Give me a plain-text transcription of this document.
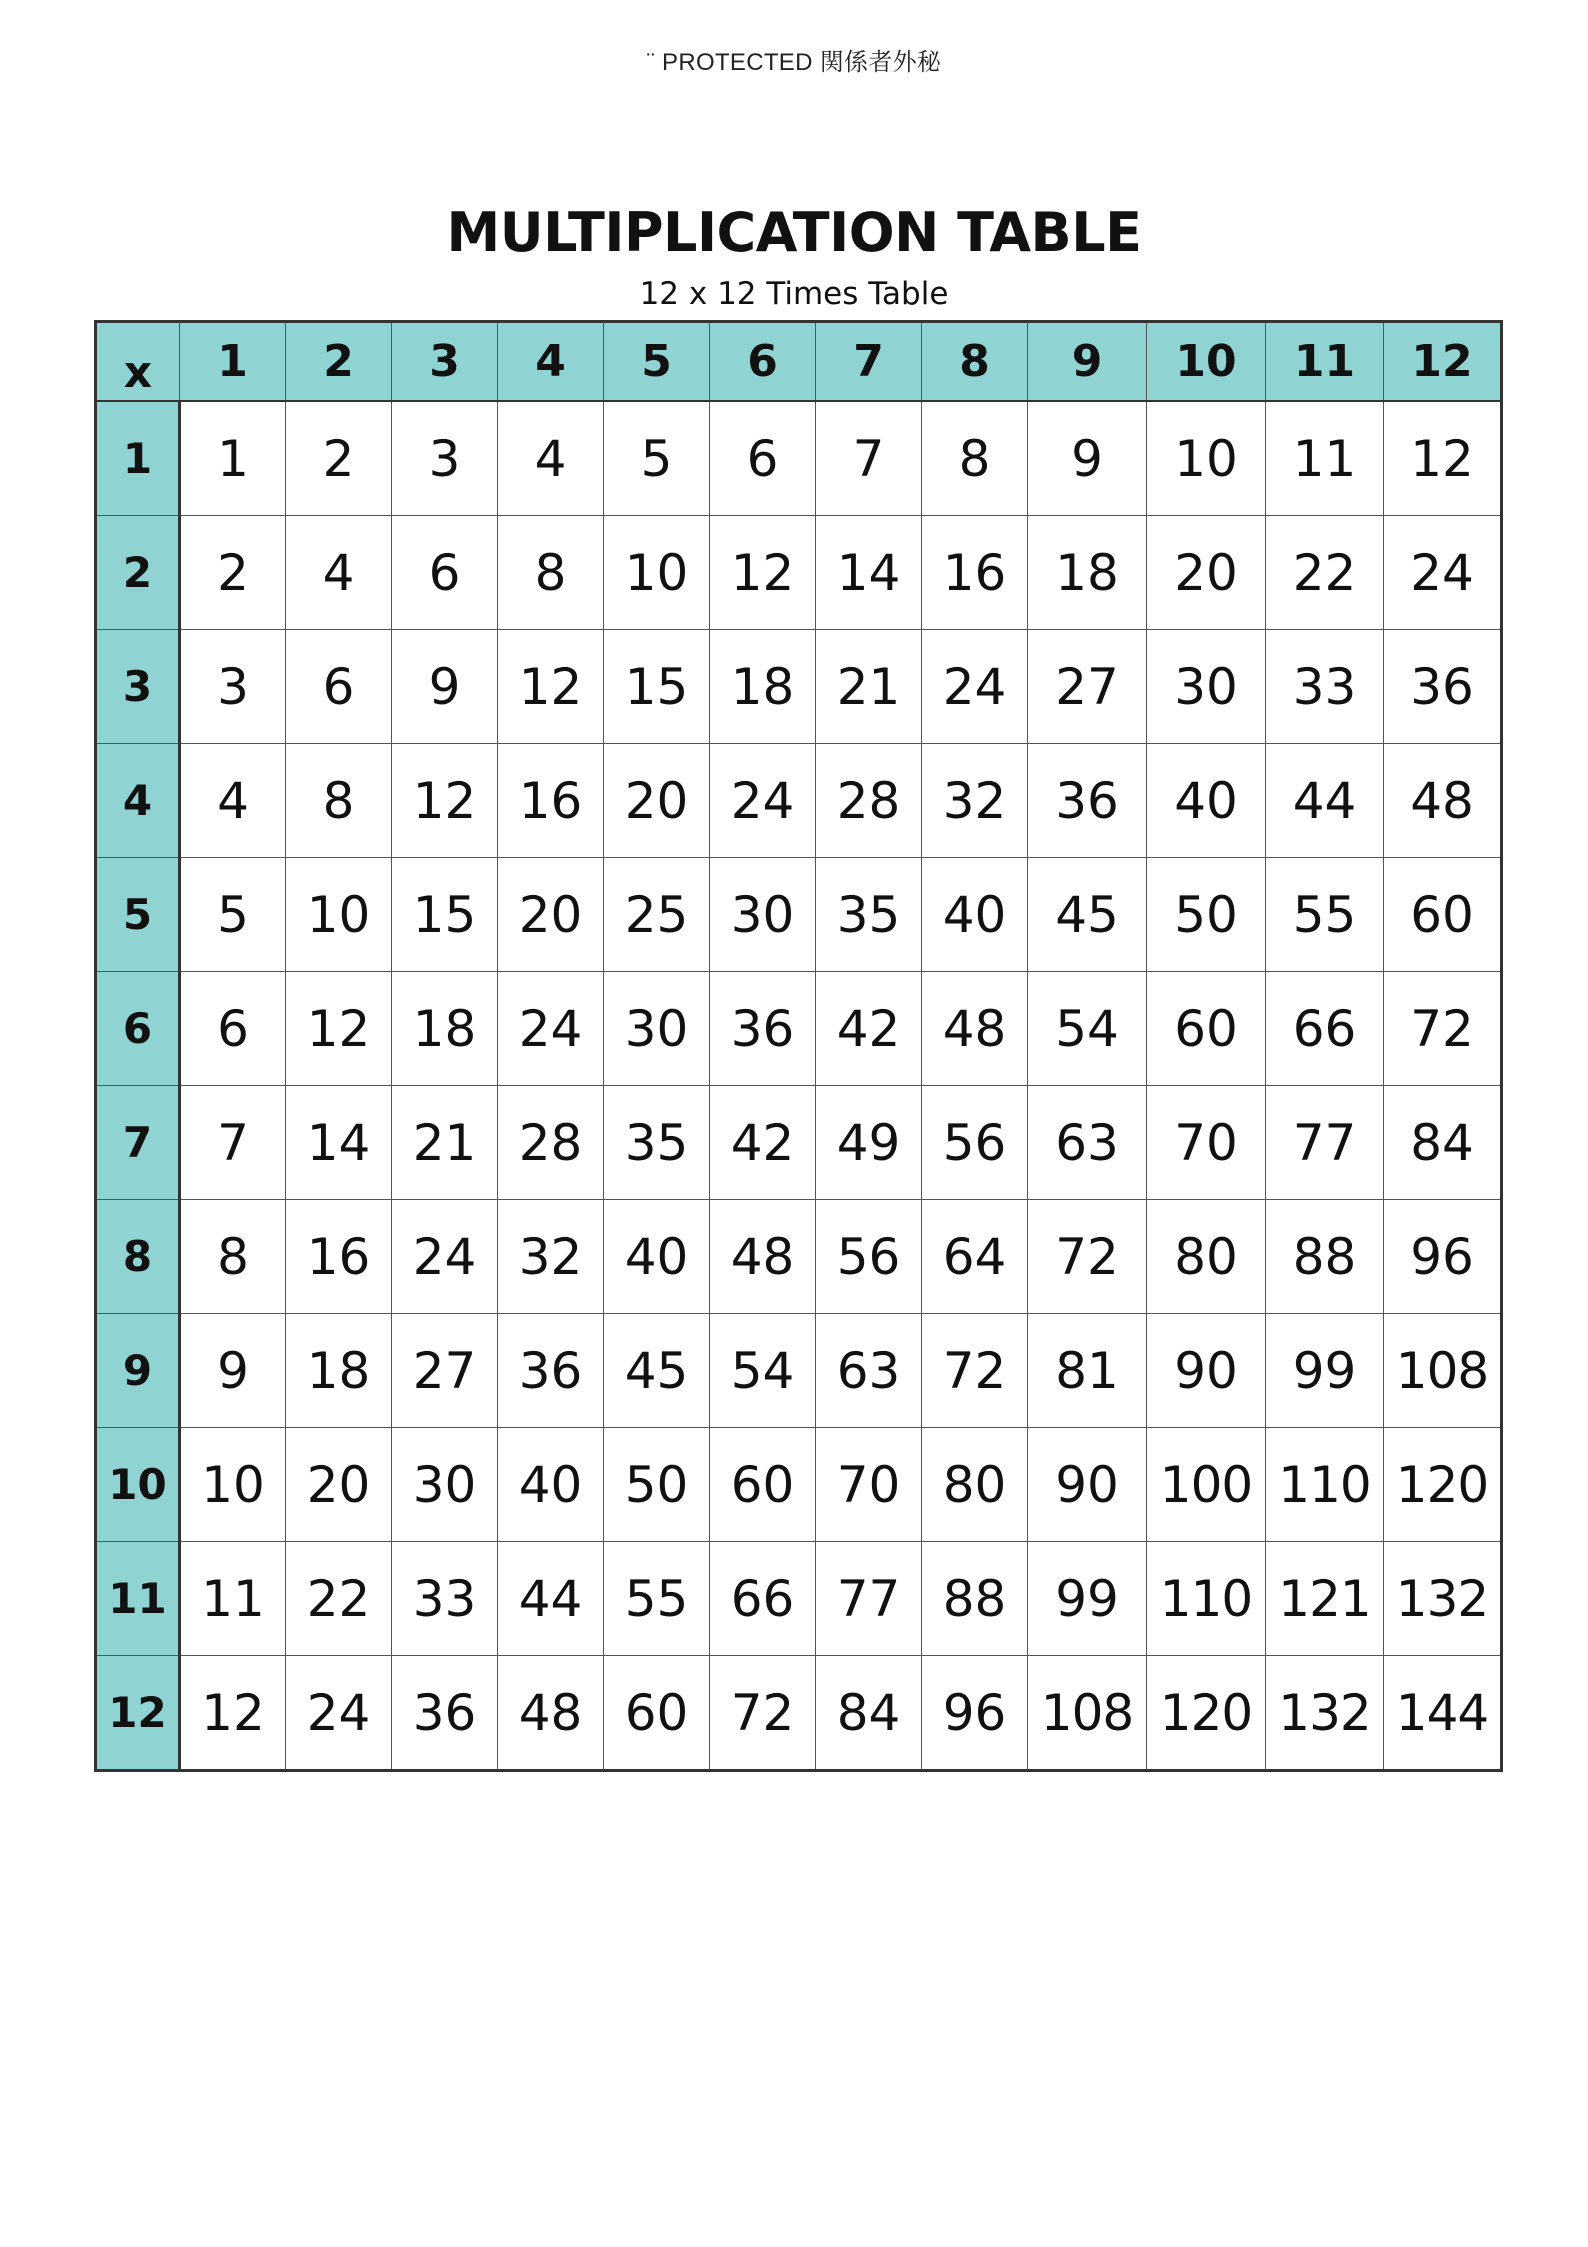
¨ PROTECTED 関係者外秘
MULTIPLICATION TABLE
12 x 12 Times Table
x	1	2	3	4	5	6	7	8	9	10	11	12
1	1	2	3	4	5	6	7	8	9	10	11	12
2	2	4	6	8	10	12	14	16	18	20	22	24
3	3	6	9	12	15	18	21	24	27	30	33	36
4	4	8	12	16	20	24	28	32	36	40	44	48
5	5	10	15	20	25	30	35	40	45	50	55	60
6	6	12	18	24	30	36	42	48	54	60	66	72
7	7	14	21	28	35	42	49	56	63	70	77	84
8	8	16	24	32	40	48	56	64	72	80	88	96
9	9	18	27	36	45	54	63	72	81	90	99	108
10	10	20	30	40	50	60	70	80	90	100	110	120
11	11	22	33	44	55	66	77	88	99	110	121	132
12	12	24	36	48	60	72	84	96	108	120	132	144
